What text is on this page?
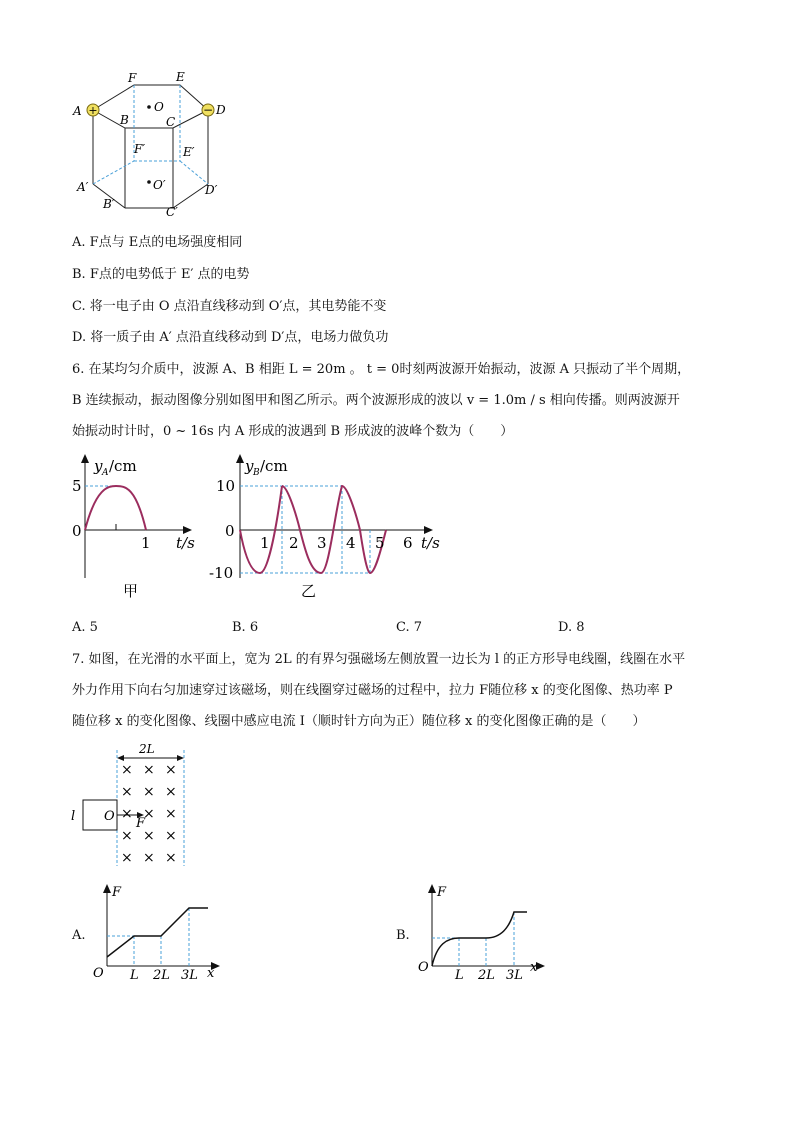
+	−
F	E
A	D
B	C
O
F′	E′
A′	D′
B′
C′
O′
A. F点与 E点的电场强度相同
B. F点的电势低于 E′ 点的电势
C. 将一电子由 O 点沿直线移动到 O′点，其电势能不变
D. 将一质子由 A′ 点沿直线移动到 D′点，电场力做负功
6. 在某均匀介质中，波源 A、B 相距 L = 20m 。 t = 0时刻两波源开始振动，波源 A 只振动了半个周期，
B 连续振动，振动图像分别如图甲和图乙所示。两个波源形成的波以 v = 1.0m / s 相向传播。则两波源开
始振动时计时，0 ~ 16s 内 A 形成的波遇到 B 形成波的波峰个数为（　　）
y A /cm
5
0
1 t/s
甲
y B /cm
10
0
-10
1 2 3 4 5 6 t/s
乙
A. 5	B. 6	C. 7	D. 8
7. 如图，在光滑的水平面上，宽为 2L 的有界匀强磁场左侧放置一边长为 l 的正方形导电线圈，线圈在水平
外力作用下向右匀加速穿过该磁场，则在线圈穿过磁场的过程中，拉力 F随位移 x 的变化图像、热功率 P
随位移 x 的变化图像、线圈中感应电流 I（顺时针方向为正）随位移 x 的变化图像正确的是（　　）
2L
l O F
× × ×
× × ×
× × ×
× × ×
× × ×
A.
F
O L 2L 3L x
B.
F
O
L 2L 3L
x
